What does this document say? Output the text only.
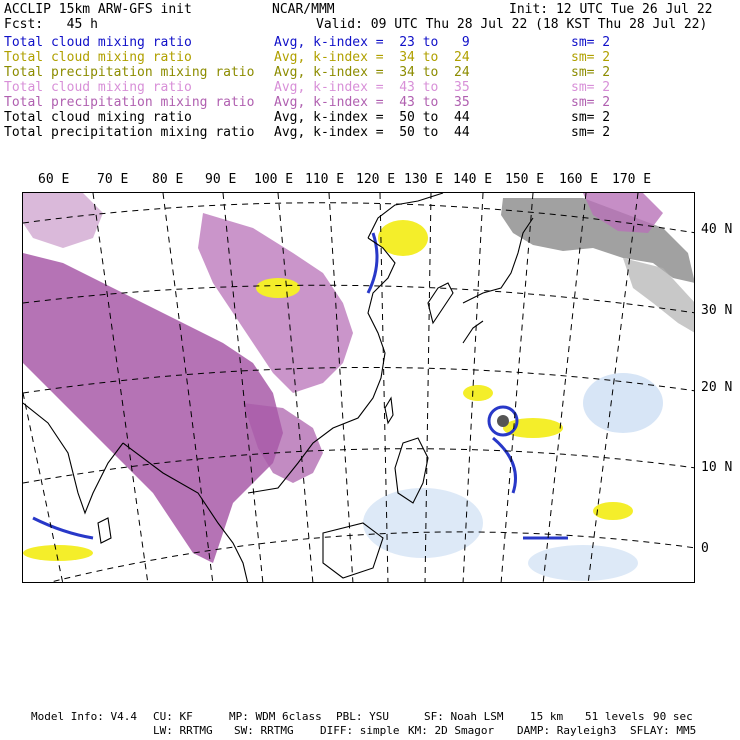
ACCLIP 15km ARW-GFS init	NCAR/MMM	Init: 12 UTC Tue 26 Jul 22
Fcst:   45 h	Valid: 09 UTC Thu 28 Jul 22 (18 KST Thu 28 Jul 22)
Total cloud mixing ratio	Avg, k-index =  23 to   9	sm= 2
Total cloud mixing ratio	Avg, k-index =  34 to  24	sm= 2
Total precipitation mixing ratio Avg, k-index =  34 to  24	sm= 2
Total cloud mixing ratio	Avg, k-index =  43 to  35	sm= 2
Total precipitation mixing ratio Avg, k-index =  43 to  35	sm= 2
Total cloud mixing ratio	Avg, k-index =  50 to  44	sm= 2
Total precipitation mixing ratio Avg, k-index =  50 to  44	sm= 2
60 E 70 E 80 E 90 E 100 E 110 E 120 E 130 E 140 E 150 E 160 E 170 E
40 N
30 N
20 N
10 N
0
Model Info: V4.4 CU: KF	MP: WDM 6class PBL: YSU	SF: Noah LSM 15 km 51 levels 90 sec
LW: RRTMG SW: RRTMG DIFF: simple KM: 2D Smagor DAMP: Rayleigh3 SFLAY: MM5
